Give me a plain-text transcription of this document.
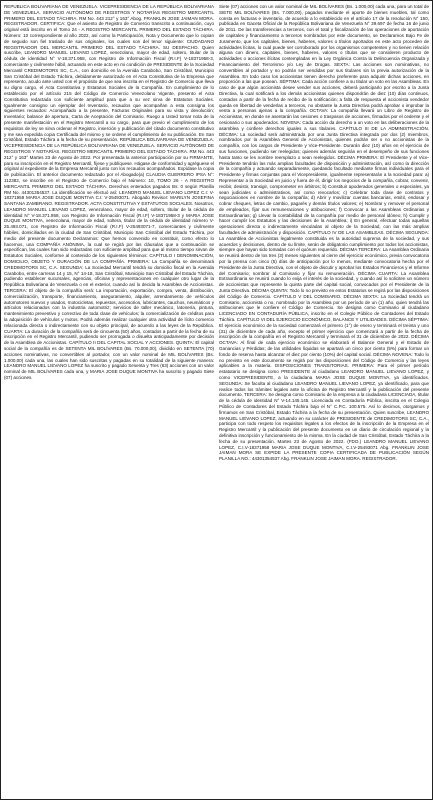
REPUBLICA BOLIVARIANA DE VENEZUELA. VICEPRESIDENCIA DE LA REPÚBLICA BOLIVARIANA DE VENEZUELA. SERVICIO AUTÓNOMO DE REGISTROS Y NOTARÍAS REGISTRO MERCANTIL PRIMERO DEL ESTADO TÁCHIRA. RM No. 443 212° y 163° Abog. FRANKLIN JOSE JAIMAN MORA. REGISTRADOR. CERTIFICA: Que el asiento de Registro de Comercio transcrito a continuación, cuyo original está inscrito en el Tomo 24 - A REGISTRO MERCANTIL PRIMERO DEL ESTADO TÁCHIRA. Número: 10 correspondiente al año 2022, así como la Participación, Nota y Documento que lo copian de seguido son fiel traslado de sus originales, los cuales son del tenor siguiente: CIUDADANO REGISTRADOR DEL MERCANTIL PRIMERO DEL ESTADO TÁCHIRA. SU DESPACHO. Quien suscribe, LEANDRO MANUEL LIEVANO LOPEZ, venezolano, mayor de edad, soltero, titular de la cédula de identidad N° V-18.371.958, con Registro de Información Fiscal (R.I.F) V-18371958-3, comerciante y civilmente hábil, actuando en este acto en mi condición de PRESIDENTE de la Sociedad Mercantil CREDIMOTORS SC, C.A., con domicilio en la Avenida Carabobo, San Cristóbal, Municipio San Cristóbal del Estado Táchira, debidamente autorizado en el Acta Constitutiva de la Empresa que represento, acudo ante usted con el propósito de que sea inscrita en el Registro de Comercio que lleva su digno cargo, el Acta Constitutiva y Estatutos Sociales de la Compañía. En cumplimiento de lo establecido por el artículo 215 del Código de Comercio Venezolano Vigente, presento el Acta Constitutiva redactada con suficiente amplitud para que a su vez sirva de Estatutos Sociales. Igualmente consigno un ejemplar del Inventario, recaudos que acompañan a esta consigna los siguientes recaudos: Acompañado a la presente, Facturas Originales para su vista y devolución; Inventario; balance de apertura, Carta de Aceptación del Comisario. Ruego a Usted tomar nota de la presente manifestación en el Registro Mercantil a su cargo, para que previo el cumplimiento de los requisitos de ley se sirva ordenar el Registro, inserción y publicación del citado documento constitutivo y me sea expedida copia Certificada del mismo y se ordene el cumplimiento de su publicación. En San Cristóbal, Estado Táchira a la fecha de su presentación. REPÚBLICA BOLIVARIANA DE VENEZUELA. VICEPRESIDENCIA DE LA REPÚBLICA BOLIVARIANA DE VENEZUELA. SERVICIO AUTÓNOMO DE REGISTROS Y NOTARÍAS. REGISTRO MERCANTIL PRIMERO DEL ESTADO TÁCHIRA. RM No. 443 212° y 163° Martes 23 de Agosto de 2022. Por presentada la anterior participación por su FIRMANTE, para su inscripción en el Registro Mercantil, fíjese y publíquese. Hágase de conformidad y agréguese el original al expediente de la Empresa Mercantil junto con los recaudos acompañados. Expídase la copia de publicación. El anterior documento redactado por el Abogado(a) CLAUDIA GUERRERO IPSA N°: 112382, se inscribe en el Registro de Comercio bajo el Número: 10, TOMO 26 - A REGISTRO MERCANTIL PRIMERO DEL ESTADO TÁCHIRA. Derechos enterados pagados Bs: 0 según Planilla RM No. 44301354537. La identificación se efectuó así: LEANDRO MANUEL LIEVANO LOPEZ C.I: V-18371958 MARIA JOSE DUQUE MONTIVA C.I: V-25493071. Abogado Revisor: MARILYN JOSEFINA SANTANA ZAMBRANO. REGISTRADOR. ACTA CONSTITUTIVA Y ESTATUTOS SOCIALES. Nosotros, LEANDRO MANUEL LIEVANO LOPEZ, venezolano, mayor de edad, soltero, titular de la cédula de identidad N° V-18.371.958, con Registro de Información Fiscal (R.I.F) V-18371958-3 y MARIA JOSE DUQUE MONTIVA, venezolana, mayor de edad, soltera, titular de la cédula de identidad número V-25.493.071, con Registro de Información Fiscal (R.I.F) V-25493071-7, comerciantes y civilmente hábiles, domiciliados en la ciudad de San Cristóbal, Municipio San Cristóbal del Estado Táchira, por medio del presente documento Declaramos: Que hemos convenido en constituir, como efecto lo hacemos, una COMPAÑÍA ANÓNIMA, la cual se regirá por las cláusulas que a continuación se especifican, las cuales han sido redactadas con suficiente amplitud para que al mismo tiempo sirvan de Estatutos Sociales, conforme al contenido de los siguientes términos: CAPÍTULO I DENOMINACIÓN, DOMICILIO, OBJETO Y DURACIÓN DE LA COMPAÑÍA. PRIMERA: La Compañía se denominará CREDIMOTORS SC, C.A. SEGUNDA: La Sociedad Mercantil tendrá su domicilio fiscal en la Avenida Carabobo, entre carreras 14 y 15, N° 14-18, San Cristóbal, Municipio San Cristóbal del Estado Táchira, pudiendo establecer sucursales, agencias, oficinas y representaciones en cualquier otro lugar de la República Bolivariana de Venezuela o en el exterior, cuando así lo decida la Asamblea de Accionistas. TERCERA: El objeto de la compañía será: La importación, exportación, compra, venta, distribución, comercialización, transporte, financiamiento, aseguramiento, alquiler, arrendamiento de vehículos automotores nuevos y usados, motocicletas, repuestos, accesorios, lubricantes, cauchos, neumáticos y artículos relacionados con la industria automotriz; servicios de taller mecánico, latonería, pintura, mantenimiento preventivo y correctivo de toda clase de vehículos; la comercialización de créditos para la adquisición de vehículos y motos. Podrá además realizar cualquier otra actividad de lícito comercio relacionada directa o indirectamente con su objeto principal, de acuerdo a las leyes de la República. CUARTA: La duración de la compañía será de cincuenta (50) años, contados a partir de la fecha de su inscripción en el Registro Mercantil, pudiendo ser prorrogada o disuelta anticipadamente por decisión de la Asamblea de Accionistas. CAPÍTULO II DEL CAPITAL SOCIAL Y ACCIONES. QUINTA: El capital social de la compañía es de SETENTA MIL BOLÍVARES (Bs. 70.000,00), dividido en SETENTA (70) acciones nominativas, no convertibles al portador, con un valor nominal de MIL BOLÍVARES (Bs. 1.000,00) cada una, las cuales han sido suscritas y pagadas en su totalidad de la siguiente manera: LEANDRO MANUEL LIEVANO LOPEZ ha suscrito y pagado Sesenta y Tres (63) acciones con un valor nominal de MIL BOLÍVARES cada una, y MARIA JOSE DUQUE MONTIVA ha suscrito y pagado Siete (07) acciones.

Siete (07) acciones con un valor nominal de MIL BOLÍVARES (Bs. 1.000,00) cada una, para un total de SIETE MIL BOLÍVARES (Bs. 7.000,00), pagados mediante el aporte de bienes muebles, tal como consta en facturas e inventario, de acuerdo a lo establecido en el artículo 17 de la resolución N° 150, publicada en Gaceta Oficial de la República Bolivariana de Venezuela N° 39.697 de fecha 16 de junio de 2011. De las transferencias a terceros, con el total y fiscalización de las operaciones de aportación de capitales y financiamiento a terceros nombrados por este documento, se Declaramos Bajo Fe de Juramento, que los capitales, bienes, haberes, valores o títulos aportados en este acto proceden de actividades lícitas, lo cual puede ser corroborado por los organismos competentes y no tienen relación alguna con dinero, capitales, bienes, haberes, valores o títulos que se consideren producto de actividades o acciones ilícitas contempladas en la Ley Orgánica Contra la Delincuencia Organizada y Financiamiento del Terrorismo y/o Ley de Drogas. SEXTA: Las acciones son nominativas, no convertibles al portador y no podrán ser vendidas por sus titulares sin la previa autorización de la Asamblea. En todo caso los accionistas tienen derecho preferente para adquirir dichas acciones, en proporción a las que posean. SÉPTIMA: Cada acción confiere a su titular un voto en las Asambleas. En caso de que algún accionista desee vender sus acciones, deberá participarlo por escrito a la Junta Directiva, la cual notificará a los demás accionistas quienes dispondrán de diez (10) días continuos, contados a partir de la fecha de recibo de la notificación; a falta de respuesta el accionista vendedor queda en libertad de venderlas a terceros, no obstante la Junta Directiva podrá aprobar o improbar la venta a personas ajenas a la compañía. OCTAVA: La compañía llevará un Libro de Registro de Accionistas, en donde se asentarán las cesiones o traspasos de acciones, firmados por el cedente y el cesionario o sus apoderados. NOVENA: Cada acción da derecho a un voto en las deliberaciones de la asamblea y confiere derechos iguales a sus titulares. CAPÍTULO III DE LA ADMINISTRACIÓN. DÉCIMA: La sociedad será administrada por una Junta Directiva integrada por dos (2) miembros, nombrados por la Asamblea General de Accionistas, quienes podrán ser o no accionistas de la compañía, con los cargos de Presidente y Vice-Presidente. Durarán diez (10) años en el ejercicio de sus funciones, pudiendo ser reelegidos; quienes además seguirán en el desempeño de sus funciones hasta tanto se les nombre reemplazo o sean reelegidos. DÉCIMA PRIMERA: El Presidente y el Vice-Presidente tendrán las más amplias facultades de disposición y administración, así como la dirección de la compañía y actuando separadamente, quedando facultado mediante firmas individuales para el Presidente y firmas conjuntas para el Vicepresidente, igualmente representarán a la sociedad para: a) Representar a la Sociedad en juicio y fuera de él, dirigir los negocios de la compañía, cobrar, convenir, recibir, desistir, transigir, comprometer en árbitros; b) Constituir apoderados generales o especiales, ya sean judiciales o administrativos, así como revocarlos; c) Celebrar toda clase de contratos y negociaciones en nombre de la compañía; d) Abrir y movilizar cuentas bancarias, emitir, endosar y cobrar cheques, letras de cambio, pagarés y demás títulos valores; e) Nombrar y remover el personal de empleados, fijar sus remuneraciones y atribuciones; f) Convocar a las Asambleas Ordinarias y Extraordinarias; g) Llevar la contabilidad de la compañía por medio de personal idóneo; h) Cumplir y hacer cumplir los Estatutos y las decisiones de la Asamblea; i) En general, efectuar todas aquellas operaciones directa o indirectamente vinculadas al objeto de la Sociedad, con las más amplias facultades de administración y disposición. CAPÍTULO IV DE LAS ASAMBLEAS. DÉCIMA SEGUNDA: La Asamblea de Accionistas legalmente constituida es la autoridad suprema de la sociedad, y sus acuerdos y decisiones, dentro de su límite, serán de obligatorio cumplimiento por todos los accionistas, siempre que hayan sido tomadas con el quórum requerido. DÉCIMA TERCERA: La Asamblea Ordinaria se reunirá dentro de los tres (3) meses siguientes al cierre del ejercicio económico, previa convocatoria por la prensa con cinco (5) días de anticipación por lo menos, mediante convocatoria hecha por el Presidente de la Junta Directiva, con el objeto de discutir y aprobar los Estados Financieros y el Informe del Comisario; nombrar al Comisario y fijar su remuneración. DÉCIMA CUARTA: La Asamblea Extraordinaria se reunirá cuando lo exija el interés de la sociedad, y cuando así lo soliciten un número de accionistas que represente la quinta parte del capital social, convocados por el Presidente de la Junta Directiva. DÉCIMA QUINTA: Todo lo no previsto en estos Estatutos se regirá por las disposiciones del Código de Comercio. CAPÍTULO V DEL COMISARIO. DÉCIMA SEXTA: La Sociedad tendrá un Comisario, accionista o no, nombrado por la Asamblea por un período de un (1) año, quien tendrá las atribuciones que le confiere el Código de Comercio. Se designa como Comisario al ciudadano LICENCIADO EN CONTADURÍA PÚBLICA, inscrito en el Colegio Público de Contadores del Estado Táchira. CAPÍTULO VI DEL EJERCICIO ECONÓMICO, BALANCE Y UTILIDADES. DÉCIMA SÉPTIMA: El ejercicio económico de la sociedad comenzará el primero (1°) de enero y terminará el treinta y uno (31) de diciembre de cada año, excepto el primer ejercicio que comenzará a partir de la fecha de inscripción de la compañía en el Registro Mercantil y terminará el 31 de diciembre de 2022. DÉCIMA OCTAVA: Al final de cada ejercicio económico se elaborará el Balance General y el Estado de Ganancias y Pérdidas; de las utilidades líquidas se apartará un cinco por ciento (5%) para formar un fondo de reserva hasta alcanzar el diez por ciento (10%) del capital social. DÉCIMA NOVENA: Todo lo no previsto en este documento se regirá por las disposiciones del Código de Comercio y las leyes aplicables a la materia. DISPOSICIONES TRANSITORIAS. PRIMERA: Para el primer período estatutario se designa como PRESIDENTE al ciudadano LEANDRO MANUEL LIEVANO LOPEZ, y como VICEPRESIDENTE, a la ciudadana MARIA JOSE DUQUE MONTIVA, ya identificados. SEGUNDA: Se faculta al ciudadano LEANDRO MANUEL LIEVANO LOPEZ, ya identificado, para que realice todos los trámites legales ante la oficina de Registro Mercantil y la publicación del presente documento. TERCERA: Se designa como Comisario de la empresa a la ciudadana LICENCIADA, titular de la cédula de identidad N° V-14.145.145. Licenciada en Contaduría Pública, inscrita en el Colegio Público de Contadores del Estado Táchira bajo el N° C.P.C. 100.575. Así lo decimos, otorgamos y firmamos en San Cristóbal, Estado Táchira a la fecha de su presentación. Quien suscribe, LEANDRO MANUEL LIEVANO LOPEZ, actuando en su carácter de PRESIDENTE de CREDIMOTORS SC, C.A., participa con todo respeto los requisitos legales a los efectos de la inscripción de la Empresa en el Registro Mercantil y la publicación del presente documento en un diario de circulación regional y la definitiva inscripción y funcionamiento de la misma. En la ciudad de San Cristóbal, Estado Táchira a la fecha de su presentación. Martes 23 de Agosto de 2022. (FDO.) LEANDRO MANUEL LIEVANO LOPEZ, C.I.V-18371958 MARIA JOSE DUQUE MONTIVA, C.I.V-25493071 Abg. FRANKLIN JOSE JAIMAN MORA SE EXPIDE LA PRESENTE COPIA CERTIFICADA DE PUBLICACIÓN SEGÚN PLANILLA NO.: 44301354537 Abg. FRANKLIN JOSE JAIMAN MORA. REGISTRADOR.
